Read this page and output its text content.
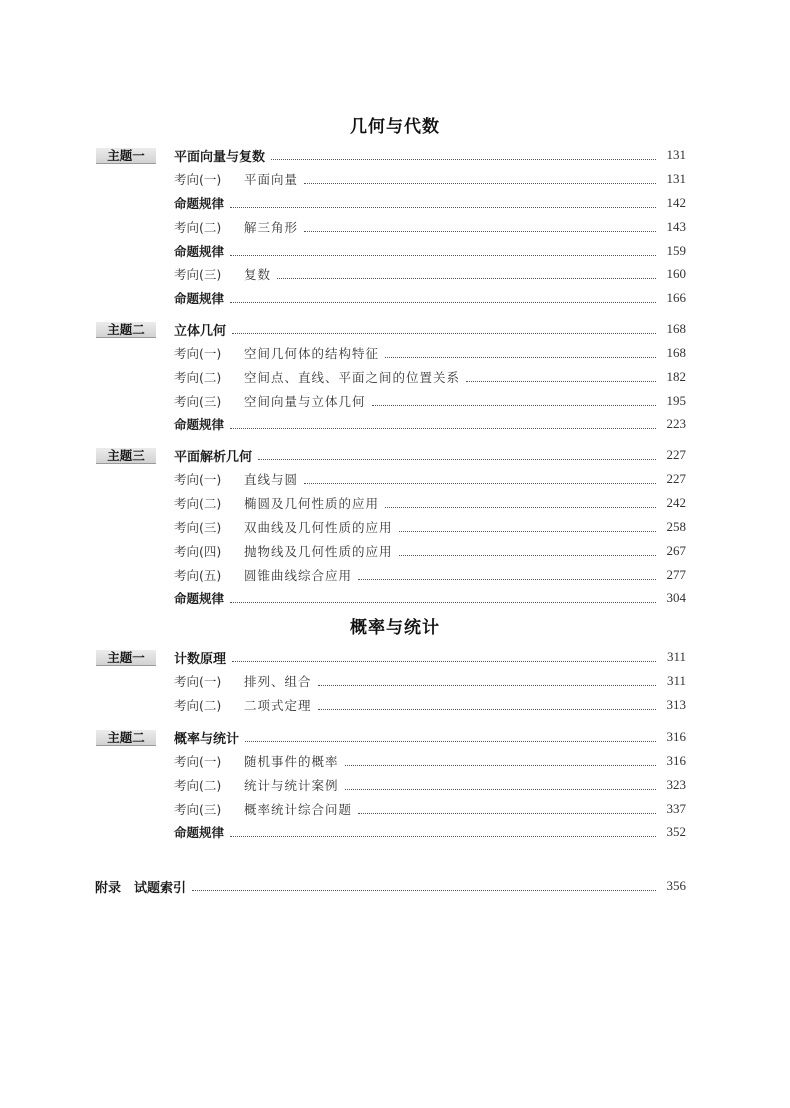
几何与代数
主题一	平面向量与复数	131
考向(一) 平面向量	131
命题规律	142
考向(二) 解三角形	143
命题规律	159
考向(三) 复数	160
命题规律	166
主题二	立体几何	168
考向(一) 空间几何体的结构特征	168
考向(二) 空间点、直线、平面之间的位置关系	182
考向(三) 空间向量与立体几何	195
命题规律	223
主题三	平面解析几何	227
考向(一) 直线与圆	227
考向(二) 椭圆及几何性质的应用	242
考向(三) 双曲线及几何性质的应用	258
考向(四) 抛物线及几何性质的应用	267
考向(五) 圆锥曲线综合应用	277
命题规律	304
概率与统计
主题一	计数原理	311
考向(一) 排列、组合	311
考向(二) 二项式定理	313
主题二	概率与统计	316
考向(一) 随机事件的概率	316
考向(二) 统计与统计案例	323
考向(三) 概率统计综合问题	337
命题规律	352
附录　试题索引	356
